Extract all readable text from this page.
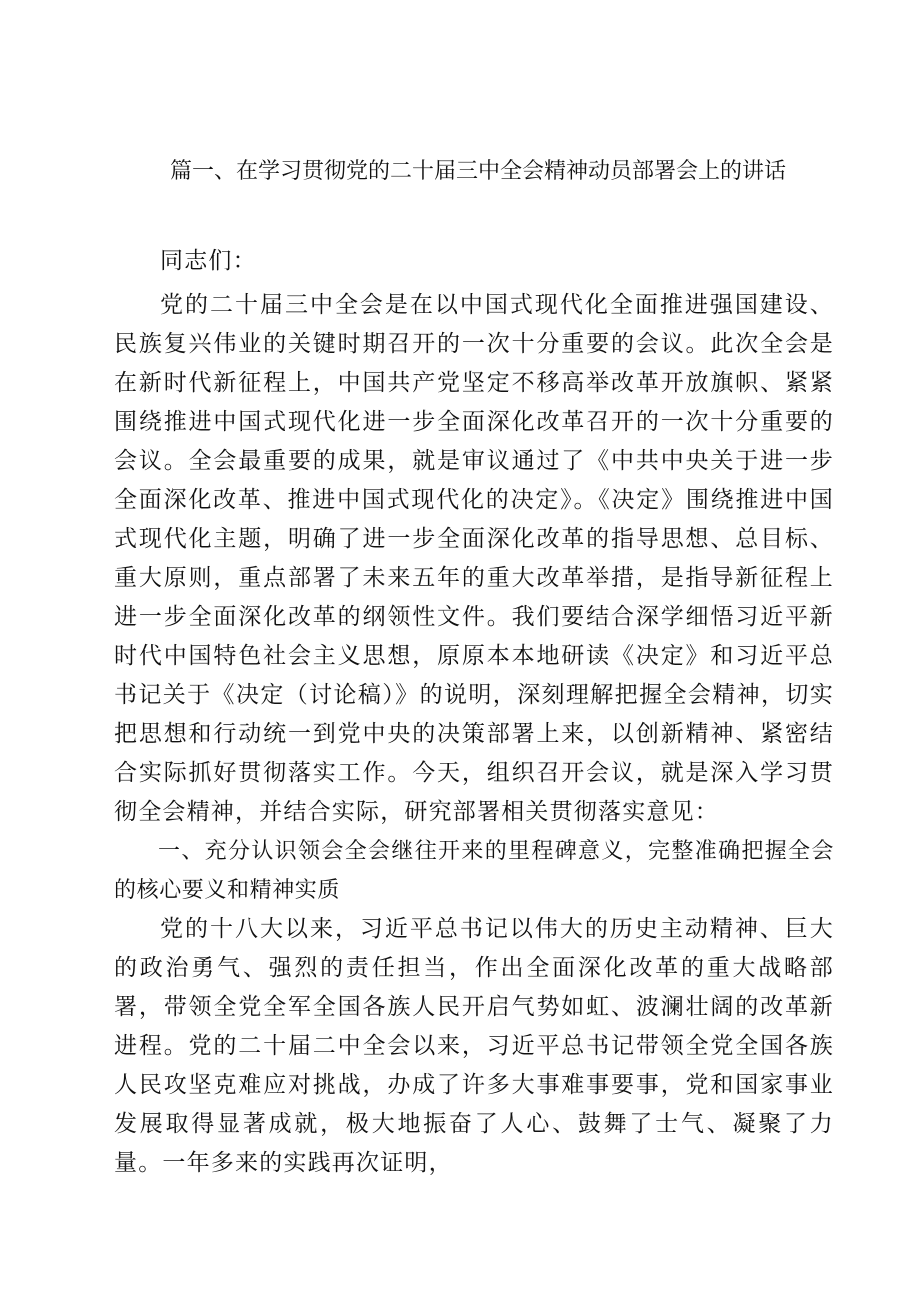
篇一、在学习贯彻党的二十届三中全会精神动员部署会上的讲话

同志们：

党的二十届三中全会是在以中国式现代化全面推进强国建设、民族复兴伟业的关键时期召开的一次十分重要的会议。此次全会是在新时代新征程上，中国共产党坚定不移高举改革开放旗帜、紧紧围绕推进中国式现代化进一步全面深化改革召开的一次十分重要的会议。全会最重要的成果，就是审议通过了《中共中央关于进一步全面深化改革、推进中国式现代化的决定》。《决定》围绕推进中国式现代化主题，明确了进一步全面深化改革的指导思想、总目标、重大原则，重点部署了未来五年的重大改革举措，是指导新征程上进一步全面深化改革的纲领性文件。我们要结合深学细悟习近平新时代中国特色社会主义思想，原原本本地研读《决定》和习近平总书记关于《决定（讨论稿）》的说明，深刻理解把握全会精神，切实把思想和行动统一到党中央的决策部署上来，以创新精神、紧密结合实际抓好贯彻落实工作。今天，组织召开会议，就是深入学习贯彻全会精神，并结合实际，研究部署相关贯彻落实意见：

一、充分认识领会全会继往开来的里程碑意义，完整准确把握全会的核心要义和精神实质

党的十八大以来，习近平总书记以伟大的历史主动精神、巨大的政治勇气、强烈的责任担当，作出全面深化改革的重大战略部署，带领全党全军全国各族人民开启气势如虹、波澜壮阔的改革新进程。党的二十届二中全会以来，习近平总书记带领全党全国各族人民攻坚克难应对挑战，办成了许多大事难事要事，党和国家事业发展取得显著成就，极大地振奋了人心、鼓舞了士气、凝聚了力量。一年多来的实践再次证明，
